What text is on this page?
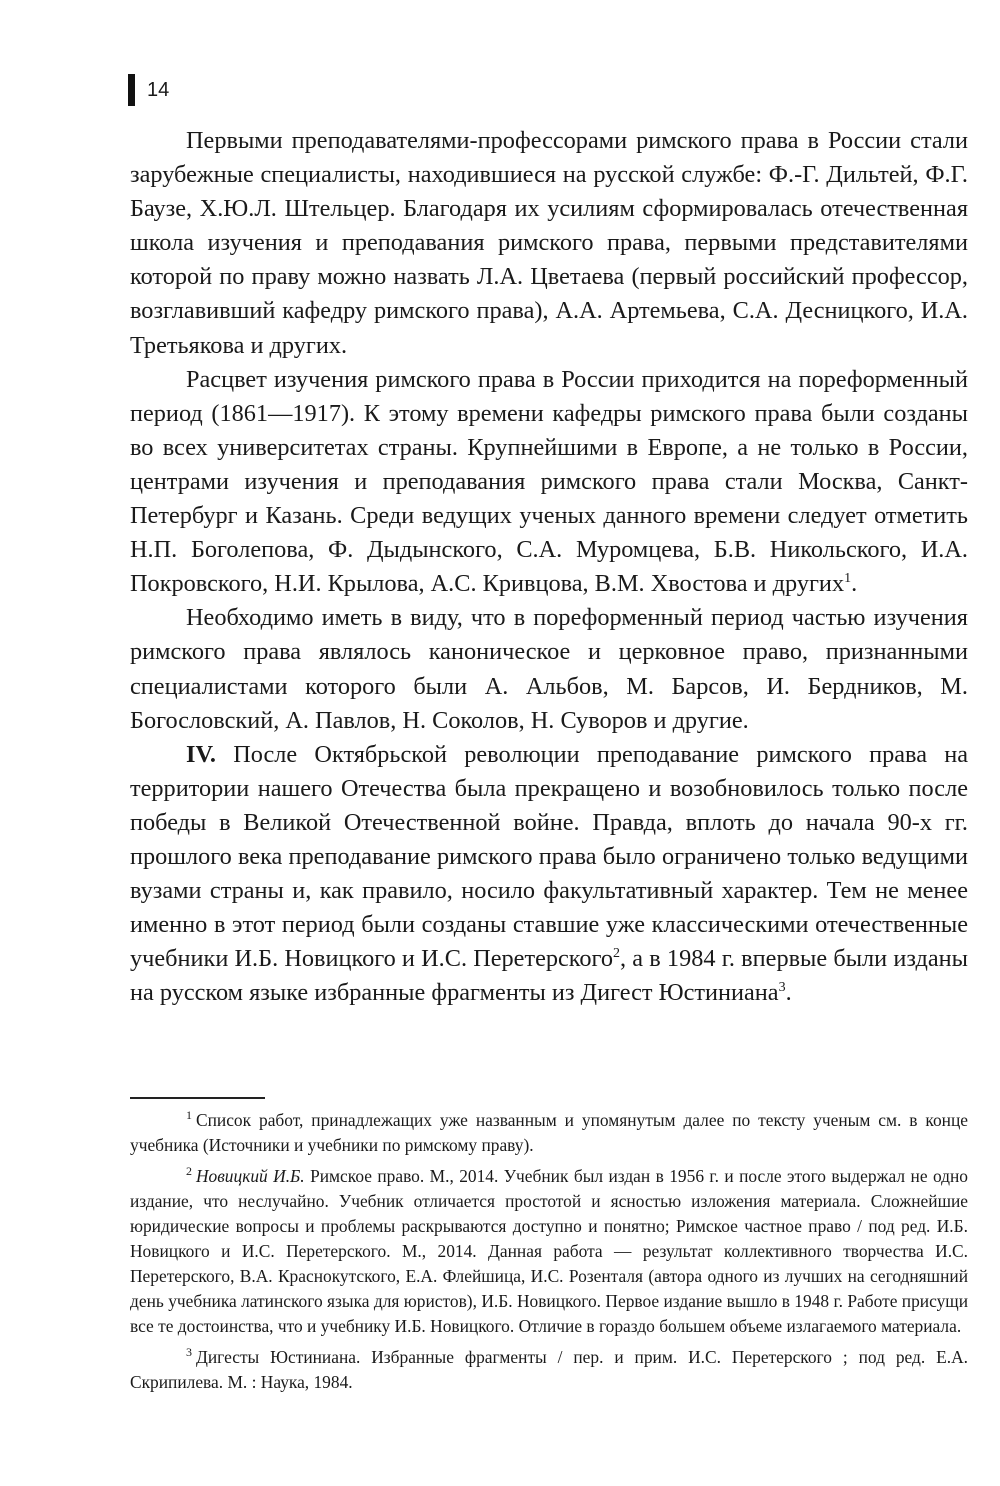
14

Первыми преподавателями-профессорами римского права в России стали зарубежные специалисты, находившиеся на русской службе: Ф.-Г. Дильтей, Ф.Г. Баузе, Х.Ю.Л. Штельцер. Благодаря их усилиям сформировалась отечественная школа изучения и преподавания римского права, первыми представителями которой по праву можно назвать Л.А. Цветаева (первый российский профессор, возглавивший кафедру римского права), А.А. Артемьева, С.А. Десницкого, И.А. Третьякова и других.

Расцвет изучения римского права в России приходится на пореформенный период (1861—1917). К этому времени кафедры римского права были созданы во всех университетах страны. Крупнейшими в Европе, а не только в России, центрами изучения и преподавания римского права стали Москва, Санкт-Петербург и Казань. Среди ведущих ученых данного времени следует отметить Н.П. Боголепова, Ф. Дыдынского, С.А. Муромцева, Б.В. Никольского, И.А. Покровского, Н.И. Крылова, А.С. Кривцова, В.М. Хвостова и других$^1$.

Необходимо иметь в виду, что в пореформенный период частью изучения римского права являлось каноническое и церковное право, признанными специалистами которого были А. Альбов, М. Барсов, И. Бердников, М. Богословский, А. Павлов, Н. Соколов, Н. Суворов и другие.

IV. После Октябрьской революции преподавание римского права на территории нашего Отечества была прекращено и возобновилось только после победы в Великой Отечественной войне. Правда, вплоть до начала 90-х гг. прошлого века преподавание римского права было ограничено только ведущими вузами страны и, как правило, носило факультативный характер. Тем не менее именно в этот период были созданы ставшие уже классическими отечественные учебники И.Б. Новицкого и И.С. Перетерского$^2$, а в 1984 г. впервые были изданы на русском языке избранные фрагменты из Дигест Юстиниана$^3$.

$^1$ Список работ, принадлежащих уже названным и упомянутым далее по тексту ученым см. в конце учебника (Источники и учебники по римскому праву).

$^2$ Новицкий И.Б. Римское право. М., 2014. Учебник был издан в 1956 г. и после этого выдержал не одно издание, что неслучайно. Учебник отличается простотой и ясностью изложения материала. Сложнейшие юридические вопросы и проблемы раскрываются доступно и понятно; Римское частное право / под ред. И.Б. Новицкого и И.С. Перетерского. М., 2014. Данная работа — результат коллективного творчества И.С. Перетерского, В.А. Краснокутского, Е.А. Флейшица, И.С. Розенталя (автора одного из лучших на сегодняшний день учебника латинского языка для юристов), И.Б. Новицкого. Первое издание вышло в 1948 г. Работе присущи все те достоинства, что и учебнику И.Б. Новицкого. Отличие в гораздо большем объеме излагаемого материала.

$^3$ Дигесты Юстиниана. Избранные фрагменты / пер. и прим. И.С. Перетерского ; под ред. Е.А. Скрипилева. М. : Наука, 1984.
